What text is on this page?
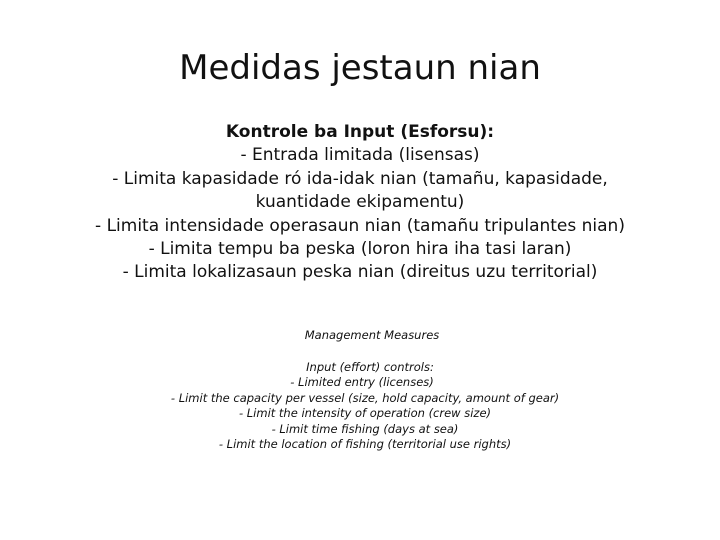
Medidas jestaun nian
Kontrole ba Input (Esforsu):
- Entrada limitada (lisensas)
- Limita kapasidade ró ida-idak nian (tamañu, kapasidade,
kuantidade ekipamentu)
- Limita intensidade operasaun nian (tamañu tripulantes nian)
- Limita tempu ba peska (loron hira iha tasi laran)
- Limita lokalizasaun peska nian (direitus uzu territorial)
Management Measures
Input (effort) controls:
- Limited entry (licenses)
- Limit the capacity per vessel (size, hold capacity, amount of gear)
- Limit the intensity of operation (crew size)
- Limit time fishing (days at sea)
- Limit the location of fishing (territorial use rights)
